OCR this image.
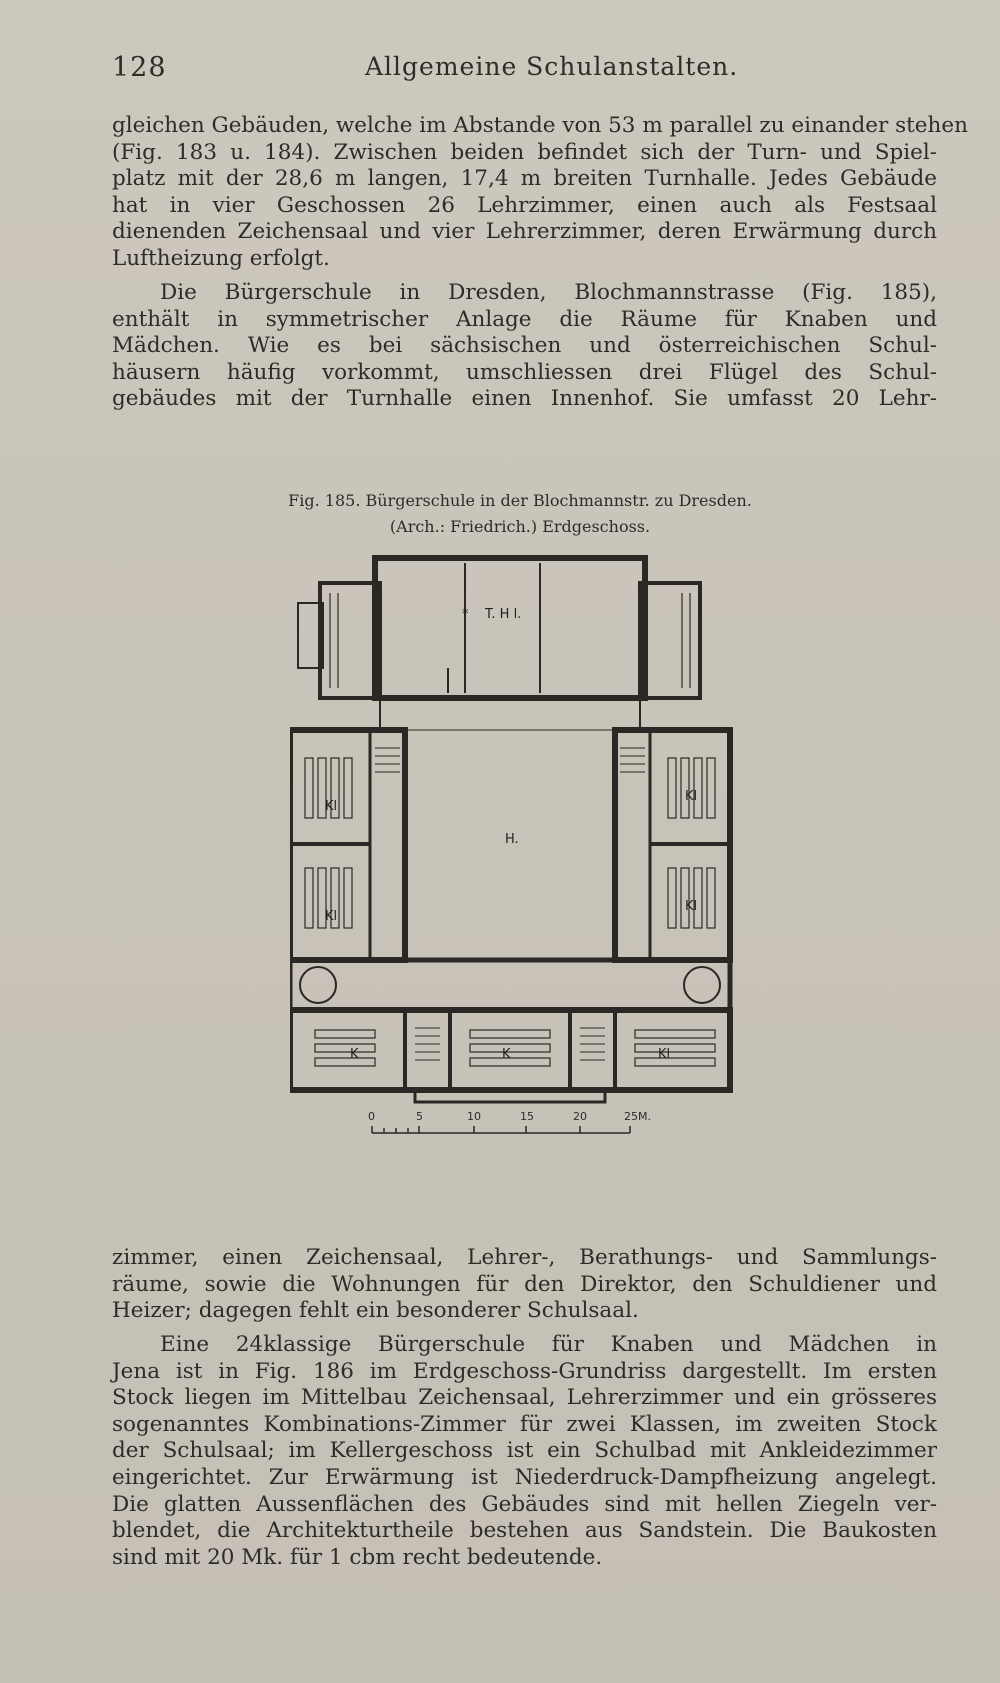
128	Allgemeine Schulanstalten.

gleichen Gebäuden, welche im Abstande von 53 m parallel zu einander stehen
(Fig. 183 u. 184). Zwischen beiden befindet sich der Turn- und Spiel-
platz mit der 28,6 m langen, 17,4 m breiten Turnhalle. Jedes Gebäude
hat in vier Geschossen 26 Lehrzimmer, einen auch als Festsaal
dienenden Zeichensaal und vier Lehrerzimmer, deren Erwärmung durch
Luftheizung erfolgt.

Die Bürgerschule in Dresden, Blochmannstrasse (Fig. 185),
enthält in symmetrischer Anlage die Räume für Knaben und
Mädchen. Wie es bei sächsischen und österreichischen Schul-
häusern häufig vorkommt, umschliessen drei Flügel des Schul-
gebäudes mit der Turnhalle einen Innenhof. Sie umfasst 20 Lehr-

Fig. 185. Bürgerschule in der Blochmannstr. zu Dresden.
(Arch.: Friedrich.) Erdgeschoss.
T. H l.
*
H.
Kl
Kl
Kl
Kl
K	K	Kl
0	5	10	15	20	25M.

zimmer, einen Zeichensaal, Lehrer-, Berathungs- und Sammlungs-
räume, sowie die Wohnungen für den Direktor, den Schuldiener und
Heizer; dagegen fehlt ein besonderer Schulsaal.

Eine 24klassige Bürgerschule für Knaben und Mädchen in
Jena ist in Fig. 186 im Erdgeschoss-Grundriss dargestellt. Im ersten
Stock liegen im Mittelbau Zeichensaal, Lehrerzimmer und ein grösseres
sogenanntes Kombinations-Zimmer für zwei Klassen, im zweiten Stock
der Schulsaal; im Kellergeschoss ist ein Schulbad mit Ankleidezimmer
eingerichtet. Zur Erwärmung ist Niederdruck-Dampfheizung angelegt.
Die glatten Aussenflächen des Gebäudes sind mit hellen Ziegeln ver-
blendet, die Architekturtheile bestehen aus Sandstein. Die Baukosten
sind mit 20 Mk. für 1 cbm recht bedeutende.
